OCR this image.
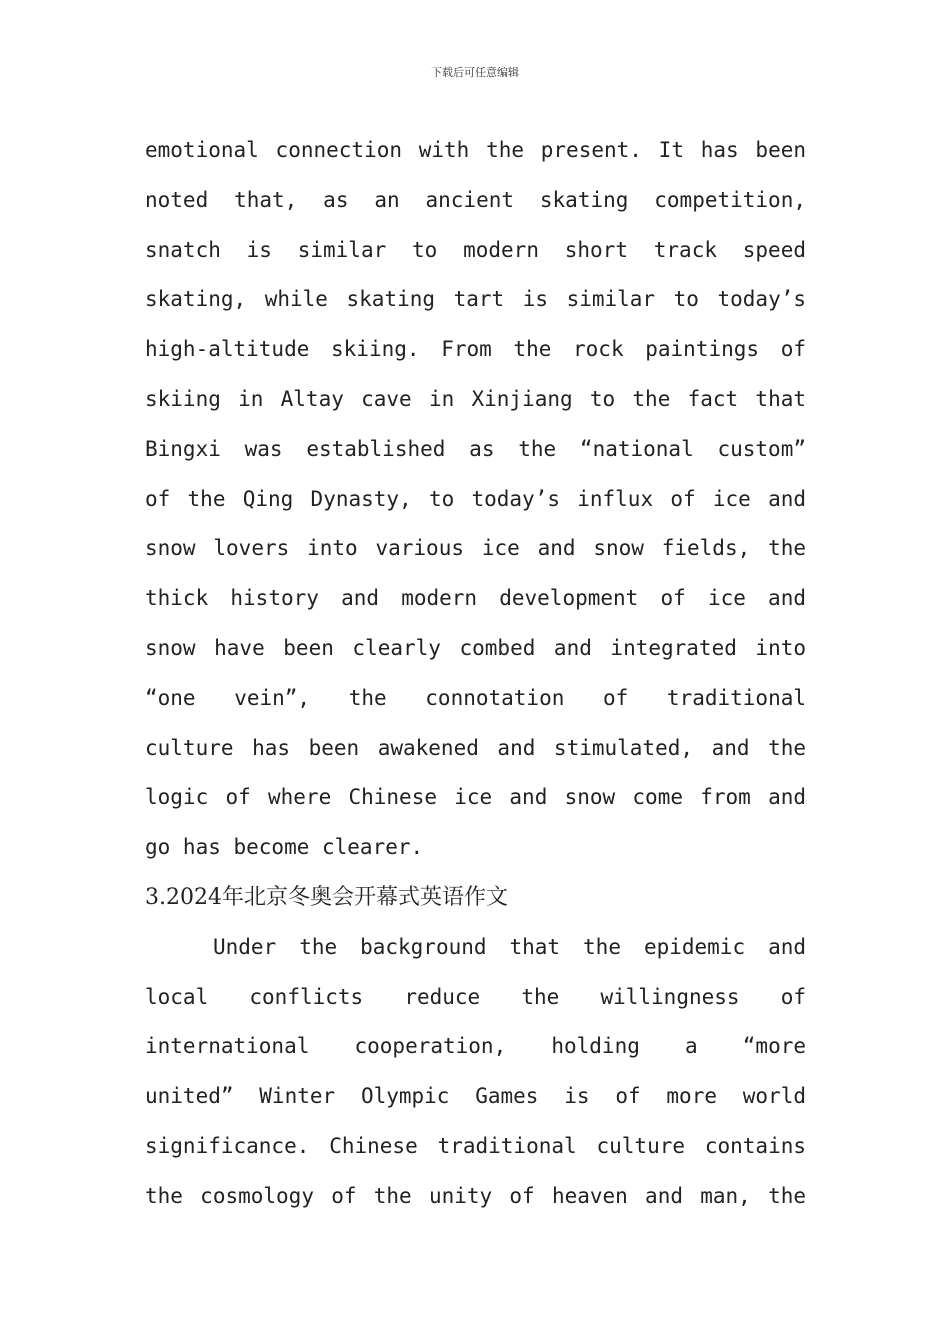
下载后可任意编辑
emotional connection with the present. It has been
noted that, as an ancient skating competition,
snatch is similar to modern short track speed
skating, while skating tart is similar to today’s
high-altitude skiing. From the rock paintings of
skiing in Altay cave in Xinjiang to the fact that
Bingxi was established as the “national custom”
of the Qing Dynasty, to today’s influx of ice and
snow lovers into various ice and snow fields, the
thick history and modern development of ice and
snow have been clearly combed and integrated into
“one vein”, the connotation of traditional
culture has been awakened and stimulated, and the
logic of where Chinese ice and snow come from and
go has become clearer.
3.2024年北京冬奥会开幕式英语作文
Under the background that the epidemic and
local conflicts reduce the willingness of
international cooperation, holding a “more
united” Winter Olympic Games is of more world
significance. Chinese traditional culture contains
the cosmology of the unity of heaven and man, the
